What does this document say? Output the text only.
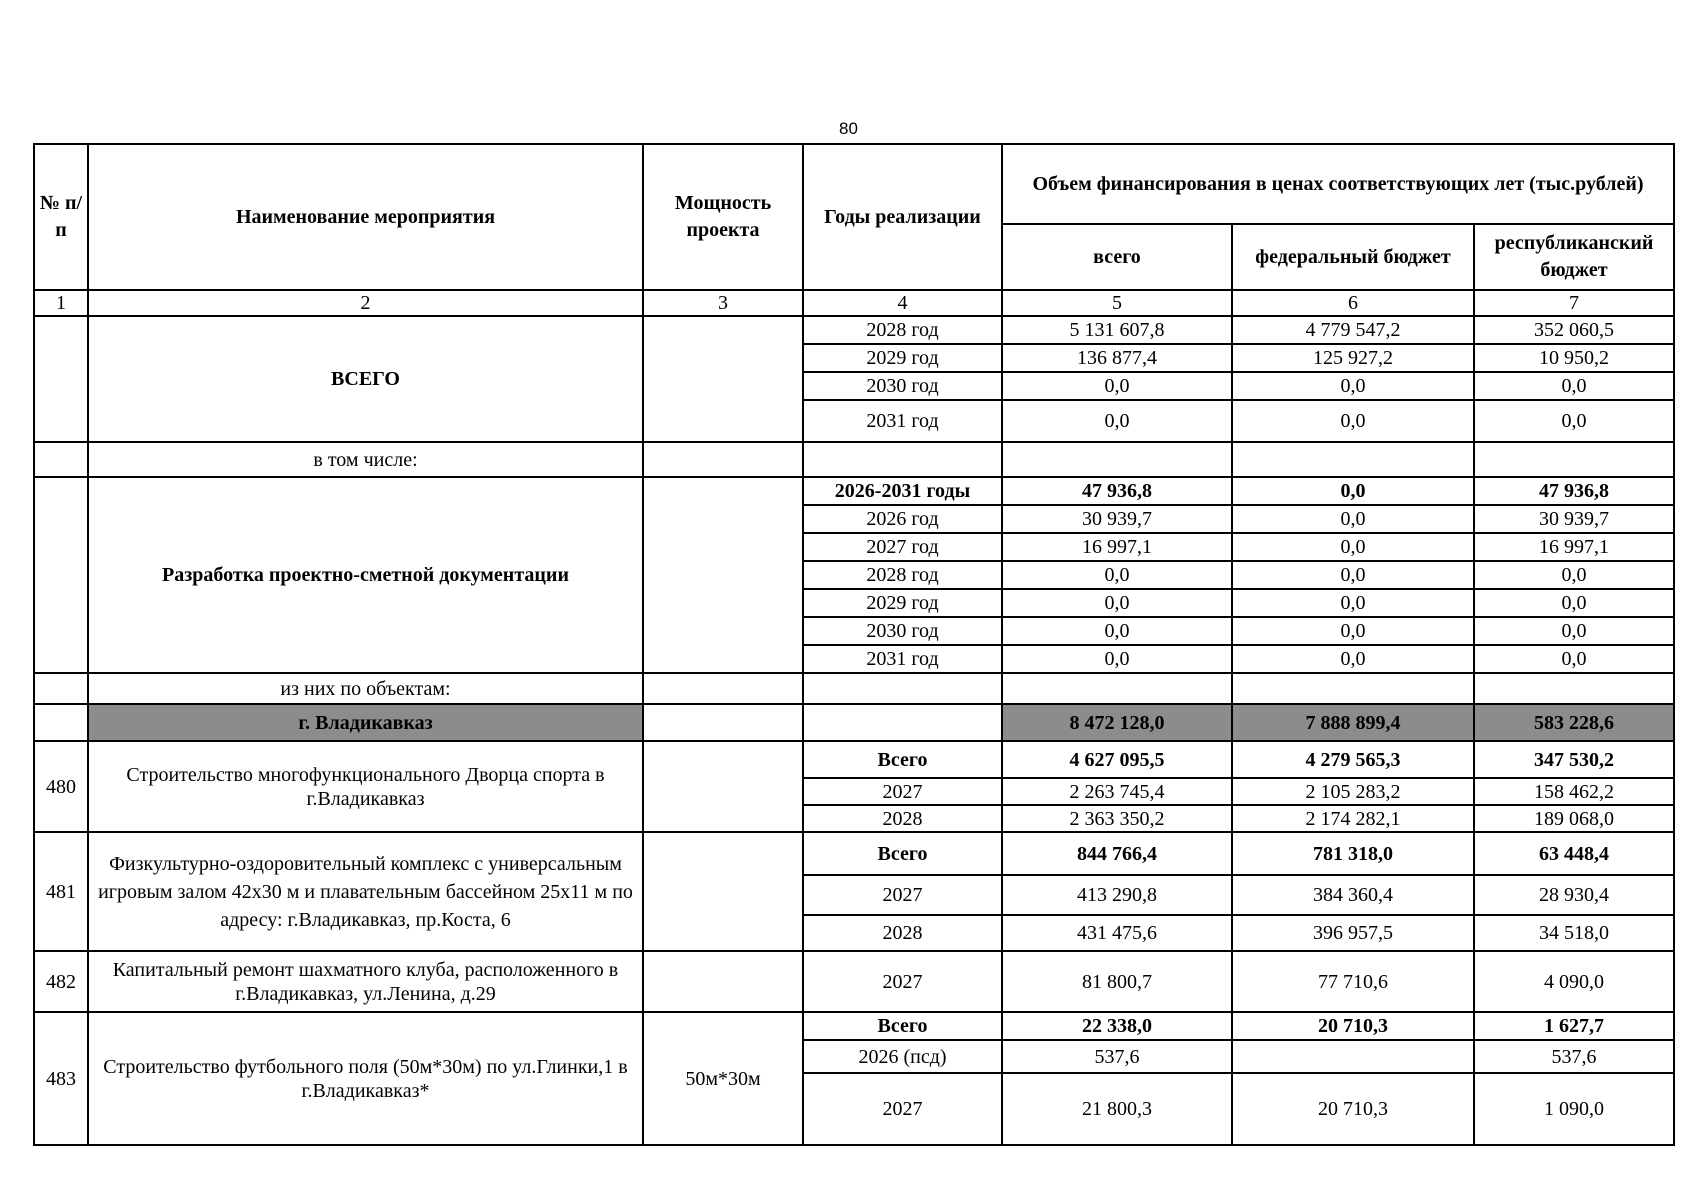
80
№ п/п	Наименование мероприятия	Мощность проекта	Годы реализации	Объем финансирования в ценах соответствующих лет (тыс.рублей)		
				всего	федеральный бюджет	республиканский бюджет
1	2	3	4	5	6	7
	ВСЕГО		2028 год	5 131 607,8	4 779 547,2	352 060,5
			2029 год	136 877,4	125 927,2	10 950,2
			2030 год	0,0	0,0	0,0
			2031 год	0,0	0,0	0,0
	в том числе:					
	Разработка проектно-сметной документации		2026-2031 годы	47 936,8	0,0	47 936,8
			2026 год	30 939,7	0,0	30 939,7
			2027 год	16 997,1	0,0	16 997,1
			2028 год	0,0	0,0	0,0
			2029 год	0,0	0,0	0,0
			2030 год	0,0	0,0	0,0
			2031 год	0,0	0,0	0,0
	из них по объектам:					
	г. Владикавказ			8 472 128,0	7 888 899,4	583 228,6
480	Строительство многофункционального Дворца спорта в г.Владикавказ		Всего	4 627 095,5	4 279 565,3	347 530,2
			2027	2 263 745,4	2 105 283,2	158 462,2
			2028	2 363 350,2	2 174 282,1	189 068,0
481	Физкультурно-оздоровительный комплекс с универсальным игровым залом 42х30 м и плавательным бассейном 25х11 м по адресу: г.Владикавказ, пр.Коста, 6		Всего	844 766,4	781 318,0	63 448,4
			2027	413 290,8	384 360,4	28 930,4
			2028	431 475,6	396 957,5	34 518,0
482	Капитальный ремонт шахматного клуба, расположенного в г.Владикавказ, ул.Ленина, д.29		2027	81 800,7	77 710,6	4 090,0
483	Строительство футбольного поля (50м*30м) по ул.Глинки,1 в г.Владикавказ*	50м*30м	Всего	22 338,0	20 710,3	1 627,7
			2026 (псд)	537,6		537,6
			2027	21 800,3	20 710,3	1 090,0
